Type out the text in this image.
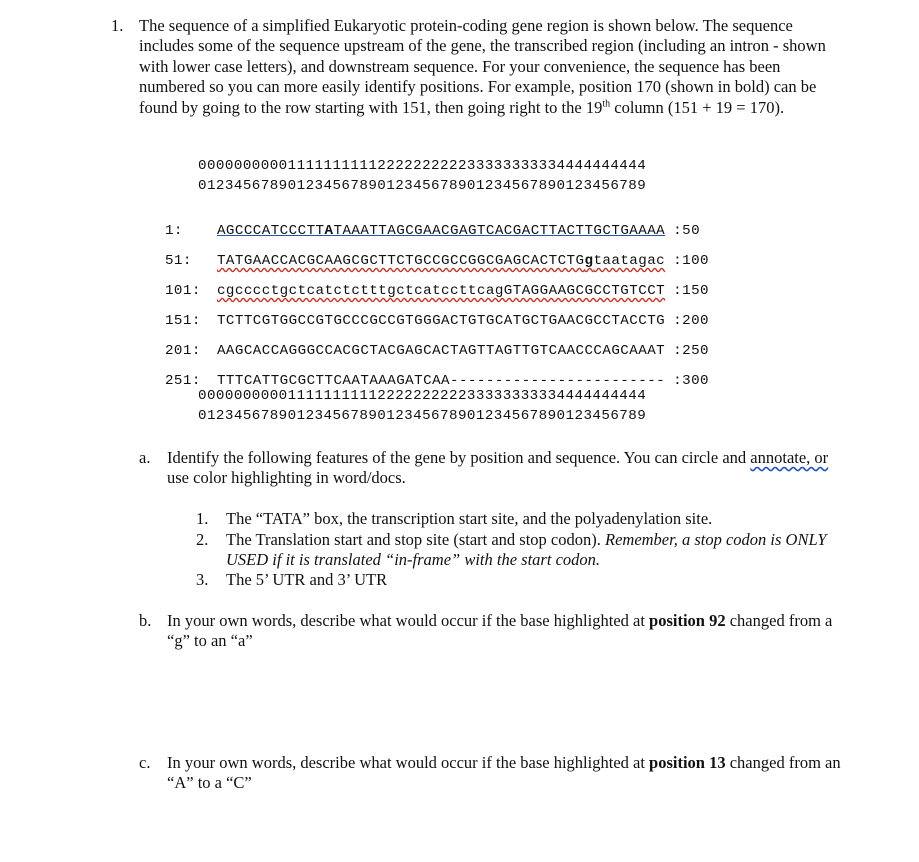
1. The sequence of a simplified Eukaryotic protein-coding gene region is shown below. The sequence includes some of the sequence upstream of the gene, the transcribed region (including an intron - shown with lower case letters), and downstream sequence. For your convenience, the sequence has been numbered so you can more easily identify positions. For example, position 170 (shown in bold) can be found by going to the row starting with 151, then going right to the 19th column (151 + 19 = 170).
00000000001111111111222222222233333333334444444444
01234567890123456789012345678901234567890123456789

1: AGCCCATCCCTTATAAATTAGCGAACGAGTCACGACTTACTTGCTGAAAA :50

51: TATGAACCACGCAAGCGCTTCTGCCGCCGGCGAGCACTCTGgtaatagac :100

101: cgcccctgctcatctctttgctcatccttcagGTAGGAAGCGCCTGTCCT :150

151: TCTTCGTGGCCGTGCCCGCCGTGGGACTGTGCATGCTGAACGCCTACCTG :200

201: AAGCACCAGGGCCACGCTACGAGCACTAGTTAGTTGTCAACCCAGCAAAT :250

251: TTTCATTGCGCTTCAATAAAGATCAA------------------------ :300

00000000001111111111222222222233333333334444444444
01234567890123456789012345678901234567890123456789
a. Identify the following features of the gene by position and sequence. You can circle and annotate, or use color highlighting in word/docs.
1. The “TATA” box, the transcription start site, and the polyadenylation site.
2. The Translation start and stop site (start and stop codon). Remember, a stop codon is ONLY USED if it is translated “in-frame” with the start codon.
3. The 5’ UTR and 3’ UTR
b. In your own words, describe what would occur if the base highlighted at position 92 changed from a “g” to an “a”
c. In your own words, describe what would occur if the base highlighted at position 13 changed from an “A” to a “C”
